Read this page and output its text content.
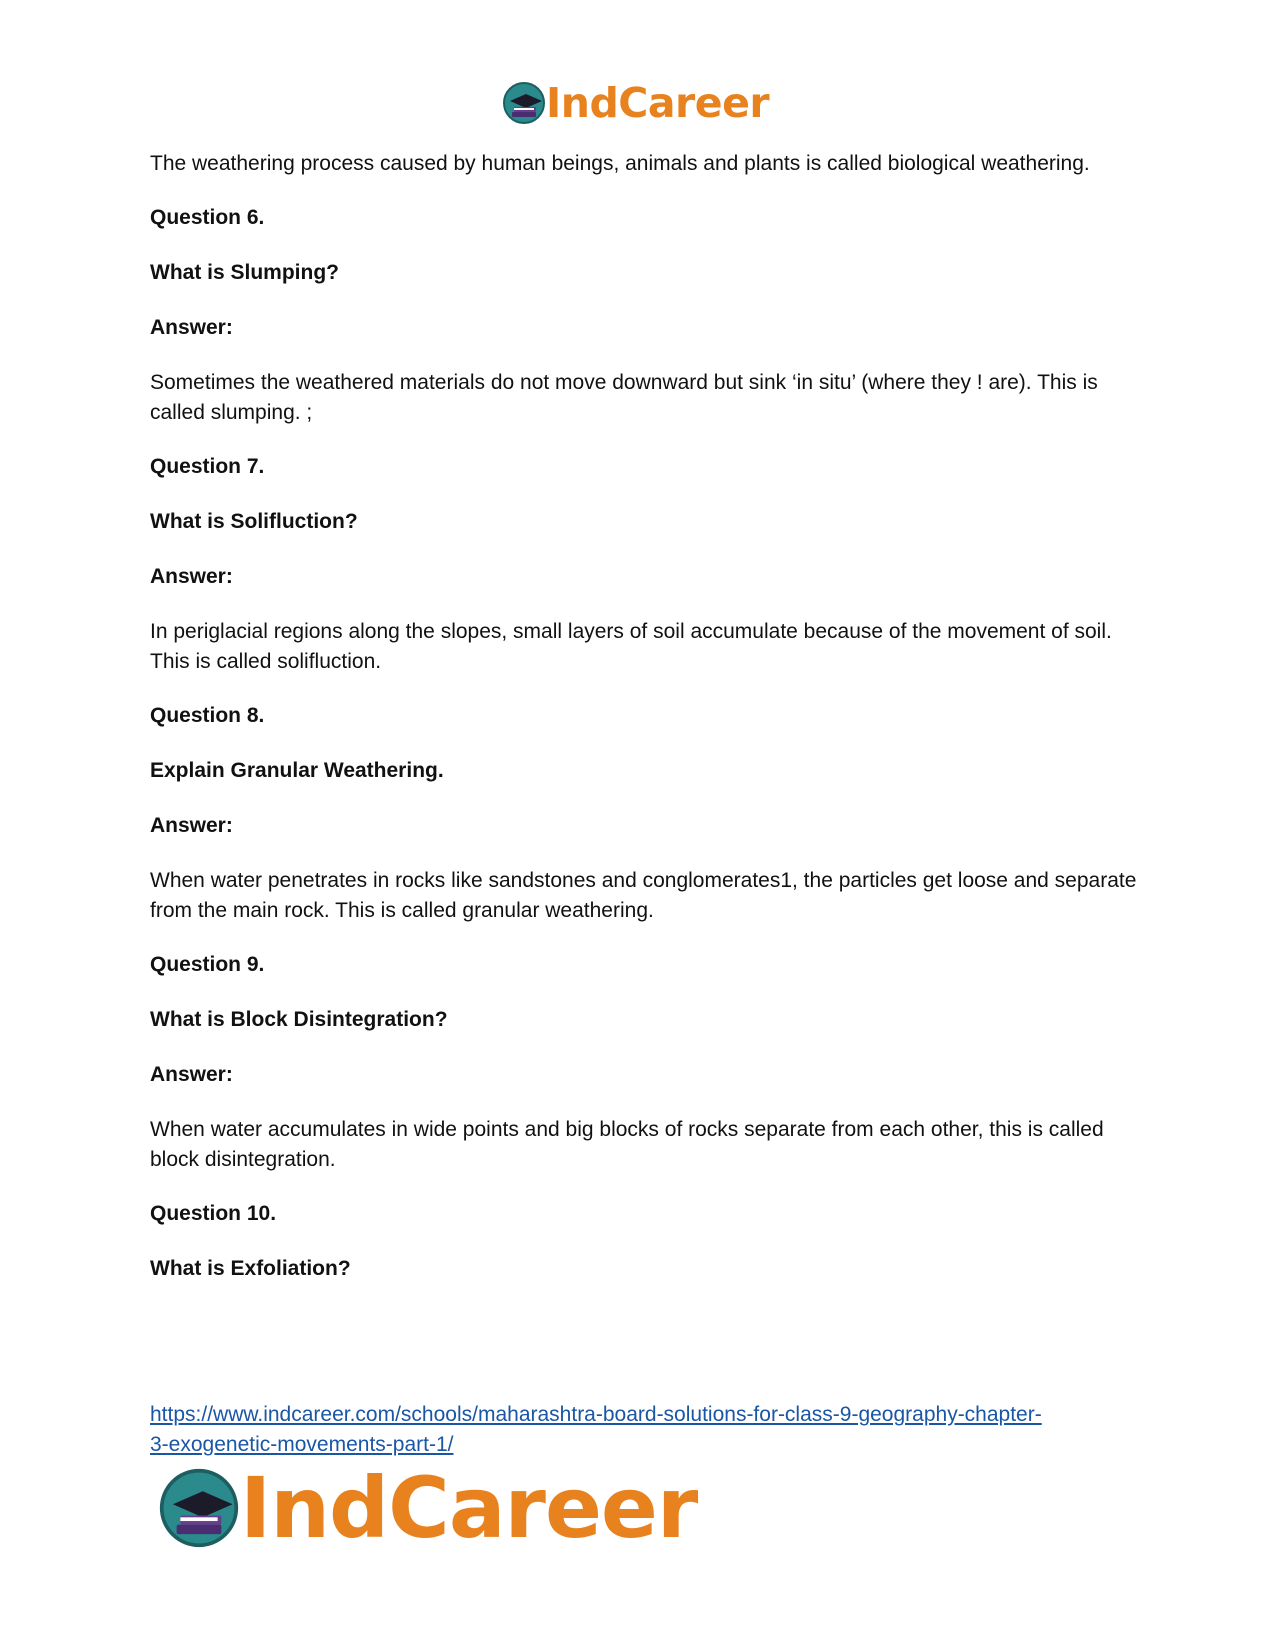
IndCareer

The weathering process caused by human beings, animals and plants is called biological weathering.

Question 6.

What is Slumping?

Answer:

Sometimes the weathered materials do not move downward but sink ‘in situ’ (where they ! are). This is called slumping. ;

Question 7.

What is Solifluction?

Answer:

In periglacial regions along the slopes, small layers of soil accumulate because of the movement of soil. This is called solifluction.

Question 8.

Explain Granular Weathering.

Answer:

When water penetrates in rocks like sandstones and conglomerates1, the particles get loose and separate from the main rock. This is called granular weathering.

Question 9.

What is Block Disintegration?

Answer:

When water accumulates in wide points and big blocks of rocks separate from each other, this is called block disintegration.

Question 10.

What is Exfoliation?

https://www.indcareer.com/schools/maharashtra-board-solutions-for-class-9-geography-chapter-
3-exogenetic-movements-part-1/
IndCareer
